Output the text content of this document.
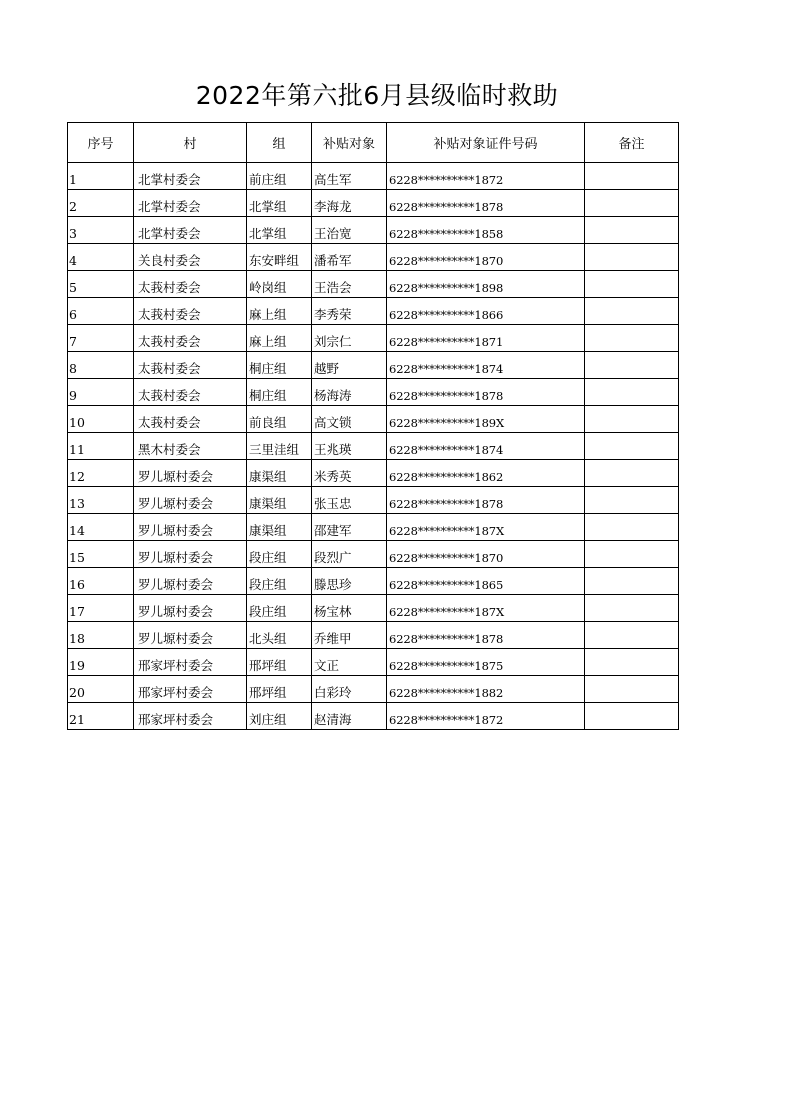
2022年第六批6月县级临时救助
序号	村	组	补贴对象	补贴对象证件号码	备注
1	北掌村委会	前庄组	高生军	6228**********1872	
2	北掌村委会	北掌组	李海龙	6228**********1878	
3	北掌村委会	北掌组	王治宽	6228**********1858	
4	关良村委会	东安畔组	潘希军	6228**********1870	
5	太莪村委会	岭岗组	王浩会	6228**********1898	
6	太莪村委会	麻上组	李秀荣	6228**********1866	
7	太莪村委会	麻上组	刘宗仁	6228**********1871	
8	太莪村委会	桐庄组	越野	6228**********1874	
9	太莪村委会	桐庄组	杨海涛	6228**********1878	
10	太莪村委会	前良组	高文锁	6228**********189X	
11	黑木村委会	三里洼组	王兆瑛	6228**********1874	
12	罗儿塬村委会	康渠组	米秀英	6228**********1862	
13	罗儿塬村委会	康渠组	张玉忠	6228**********1878	
14	罗儿塬村委会	康渠组	邵建军	6228**********187X	
15	罗儿塬村委会	段庄组	段烈广	6228**********1870	
16	罗儿塬村委会	段庄组	滕思珍	6228**********1865	
17	罗儿塬村委会	段庄组	杨宝林	6228**********187X	
18	罗儿塬村委会	北头组	乔维甲	6228**********1878	
19	邢家坪村委会	邢坪组	文正	6228**********1875	
20	邢家坪村委会	邢坪组	白彩玲	6228**********1882	
21	邢家坪村委会	刘庄组	赵清海	6228**********1872	
